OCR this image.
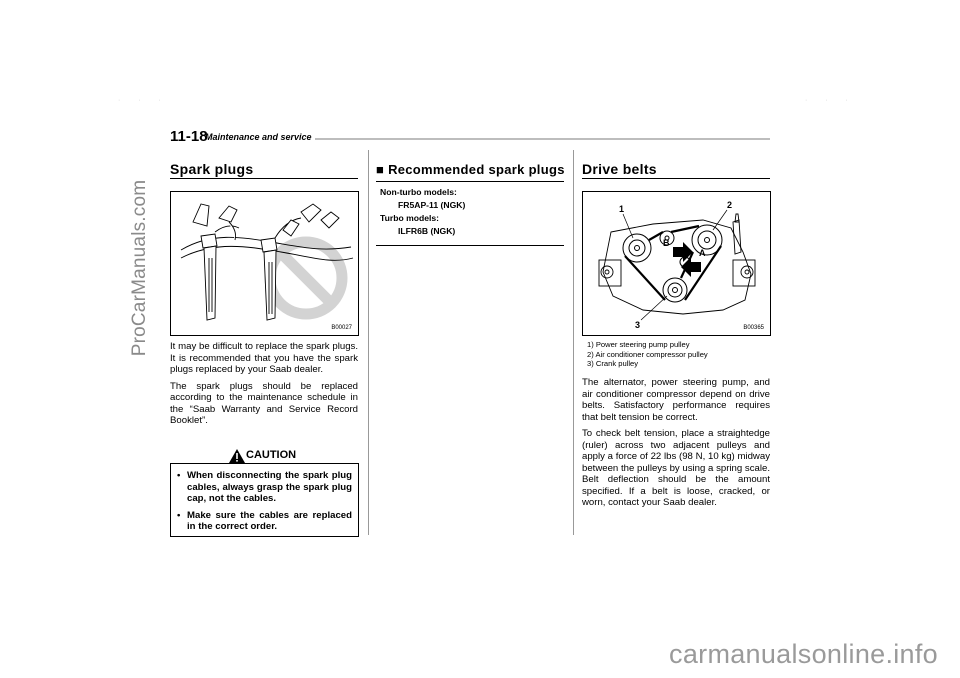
· · ·	· · ·
ProCarManuals.com
carmanualsonline.info
11-18
Maintenance and service
Spark plugs
B00027

It may be difficult to replace the spark plugs. It is recommended that you have the spark plugs replaced by your Saab dealer.

The spark plugs should be replaced according to the maintenance schedule in the “Saab Warranty and Service Record Booklet”.

CAUTION
• When disconnecting the spark plug cables, always grasp the spark plug cap, not the cables.
• Make sure the cables are replaced in the correct order.
■ Recommended spark plugs
Non-turbo models:
FR5AP-11 (NGK)
Turbo models:
ILFR6B (NGK)
Drive belts
B
A
1	2
3	B00365
1) Power steering pump pulley
2) Air conditioner compressor pulley
3) Crank pulley

The alternator, power steering pump, and air conditioner compressor depend on drive belts. Satisfactory performance requires that belt tension be correct.

To check belt tension, place a straightedge (ruler) across two adjacent pulleys and apply a force of 22 lbs (98 N, 10 kg) midway between the pulleys by using a spring scale. Belt deflection should be the amount specified. If a belt is loose, cracked, or worn, contact your Saab dealer.
